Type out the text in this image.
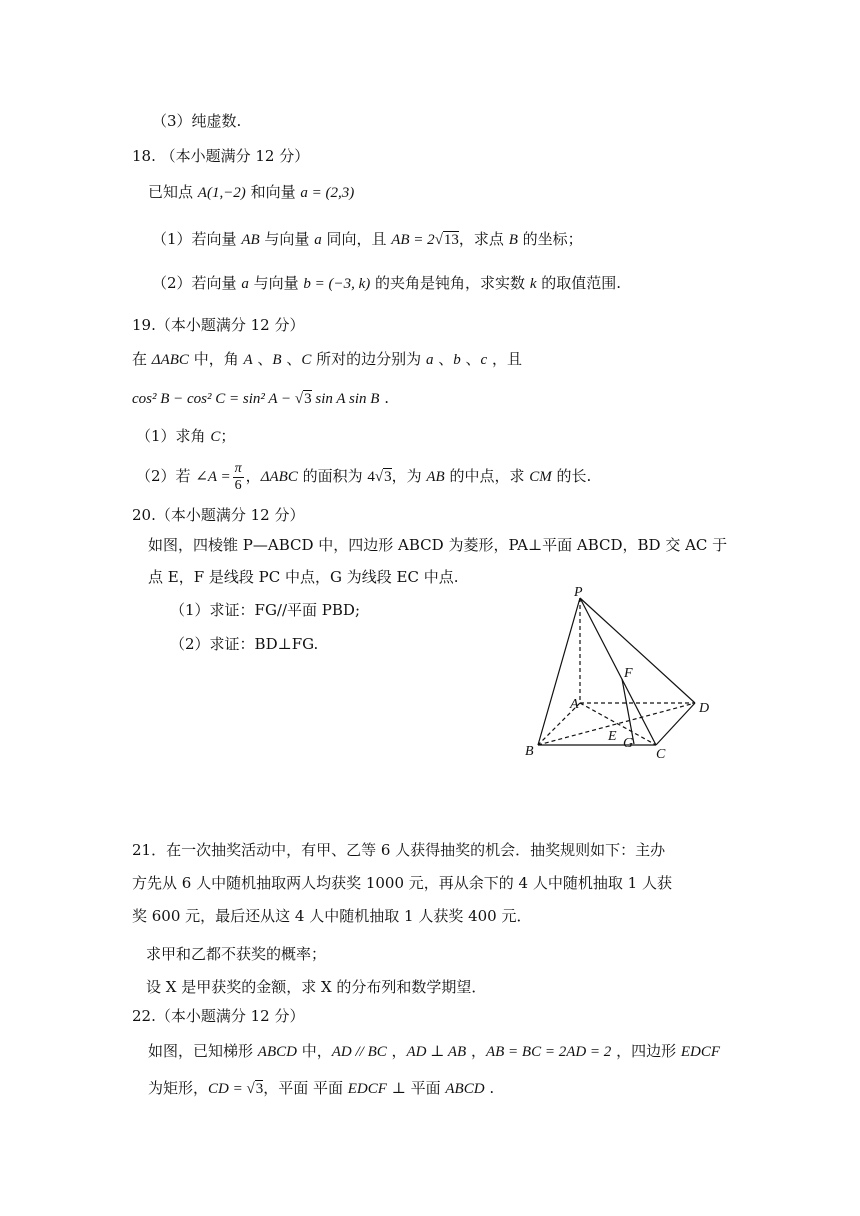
（3）纯虚数.
18. （本小题满分 12 分）
已知点 A(1,−2) 和向量 a = (2,3)
（1）若向量 AB 与向量 a 同向，且 AB = 2√13，求点 B 的坐标；
（2）若向量 a 与向量 b = (−3, k) 的夹角是钝角，求实数 k 的取值范围.
19.（本小题满分 12 分）
在 ΔABC 中，角 A 、B 、C 所对的边分别为 a 、b 、c ，且
cos² B − cos² C = sin² A − √3 sin A sin B .
（1）求角 C；
（2）若 ∠A = $\frac{\pi}{6}$ ，ΔABC 的面积为 4√3，为 AB 的中点，求 CM 的长.
20.（本小题满分 12 分）
如图，四棱锥 P—ABCD 中，四边形 ABCD 为菱形，PA⊥平面 ABCD，BD 交 AC 于
点 E，F 是线段 PC 中点，G 为线段 EC 中点.
（1）求证：FG//平面 PBD;
（2）求证：BD⊥FG.
P
F
A	D
E G
B	C
21．在一次抽奖活动中，有甲、乙等 6 人获得抽奖的机会．抽奖规则如下：主办
方先从 6 人中随机抽取两人均获奖 1000 元，再从余下的 4 人中随机抽取 1 人获
奖 600 元，最后还从这 4 人中随机抽取 1 人获奖 400 元．
求甲和乙都不获奖的概率；
设 X 是甲获奖的金额，求 X 的分布列和数学期望．
22.（本小题满分 12 分）
如图，已知梯形 ABCD 中，AD // BC ，AD ⊥ AB ，AB = BC = 2AD = 2 ，四边形 EDCF
为矩形，CD = √3，平面 平面 EDCF ⊥ 平面 ABCD .
